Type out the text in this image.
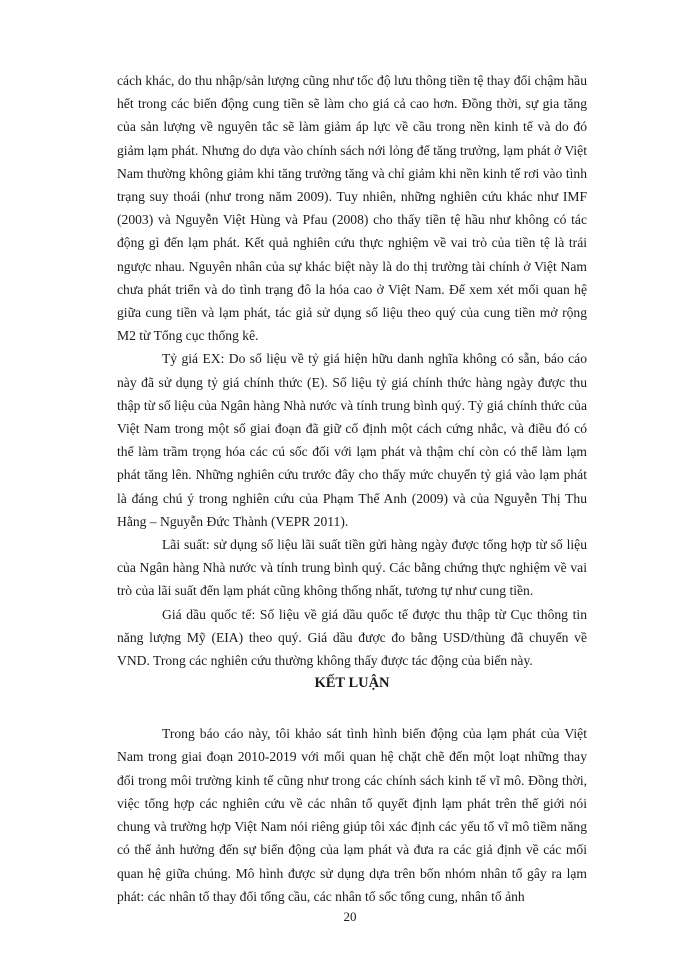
cách khác, do thu nhập/sản lượng cũng như tốc độ lưu thông tiền tệ thay đổi chậm hầu hết trong các biến động cung tiền sẽ làm cho giá cả cao hơn. Đồng thời, sự gia tăng của sản lượng về nguyên tắc sẽ làm giảm áp lực về cầu trong nền kinh tế và do đó giảm lạm phát. Nhưng do dựa vào chính sách nới lỏng để tăng trưởng, lạm phát ở Việt Nam thường không giảm khi tăng trưởng tăng và chỉ giảm khi nền kinh tế rơi vào tình trạng suy thoái (như trong năm 2009). Tuy nhiên, những nghiên cứu khác như IMF (2003) và Nguyễn Việt Hùng và Pfau (2008) cho thấy tiền tệ hầu như không có tác động gì đến lạm phát. Kết quả nghiên cứu thực nghiệm về vai trò của tiền tệ là trái ngược nhau. Nguyên nhân của sự khác biệt này là do thị trường tài chính ở Việt Nam chưa phát triển và do tình trạng đô la hóa cao ở Việt Nam. Để xem xét mối quan hệ giữa cung tiền và lạm phát, tác giả sử dụng số liệu theo quý của cung tiền mở rộng M2 từ Tổng cục thống kê.

Tỷ giá EX: Do số liệu về tỷ giá hiện hữu danh nghĩa không có sẵn, báo cáo này đã sử dụng tỷ giá chính thức (E). Số liệu tỷ giá chính thức hàng ngày được thu thập từ số liệu của Ngân hàng Nhà nước và tính trung bình quý. Tỷ giá chính thức của Việt Nam trong một số giai đoạn đã giữ cố định một cách cứng nhắc, và điều đó có thể làm trầm trọng hóa các cú sốc đối với lạm phát và thậm chí còn có thể làm lạm phát tăng lên. Những nghiên cứu trước đây cho thấy mức chuyển tỷ giá vào lạm phát là đáng chú ý trong nghiên cứu của Phạm Thế Anh (2009) và của Nguyễn Thị Thu Hằng – Nguyễn Đức Thành (VEPR 2011).

Lãi suất: sử dụng số liệu lãi suất tiền gửi hàng ngày được tổng hợp từ số liệu của Ngân hàng Nhà nước và tính trung bình quý. Các bằng chứng thực nghiệm về vai trò của lãi suất đến lạm phát cũng không thống nhất, tương tự như cung tiền.

Giá dầu quốc tế: Số liệu về giá dầu quốc tế được thu thập từ Cục thông tin năng lượng Mỹ (EIA) theo quý. Giá dầu được đo bằng USD/thùng đã chuyển về VND. Trong các nghiên cứu thường không thấy được tác động của biến này.

KẾT LUẬN

Trong báo cáo này, tôi khảo sát tình hình biến động của lạm phát của Việt Nam trong giai đoạn 2010-2019 với mối quan hệ chặt chẽ đến một loạt những thay đổi trong môi trường kinh tế cũng như trong các chính sách kinh tế vĩ mô. Đồng thời, việc tổng hợp các nghiên cứu về các nhân tố quyết định lạm phát trên thế giới nói chung và trường hợp Việt Nam nói riêng giúp tôi xác định các yếu tố vĩ mô tiềm năng có thể ảnh hưởng đến sự biến động của lạm phát và đưa ra các giả định về các mối quan hệ giữa chúng. Mô hình được sử dụng dựa trên bốn nhóm nhân tố gây ra lạm phát: các nhân tố thay đổi tổng cầu, các nhân tố sốc tổng cung, nhân tố ảnh

20
